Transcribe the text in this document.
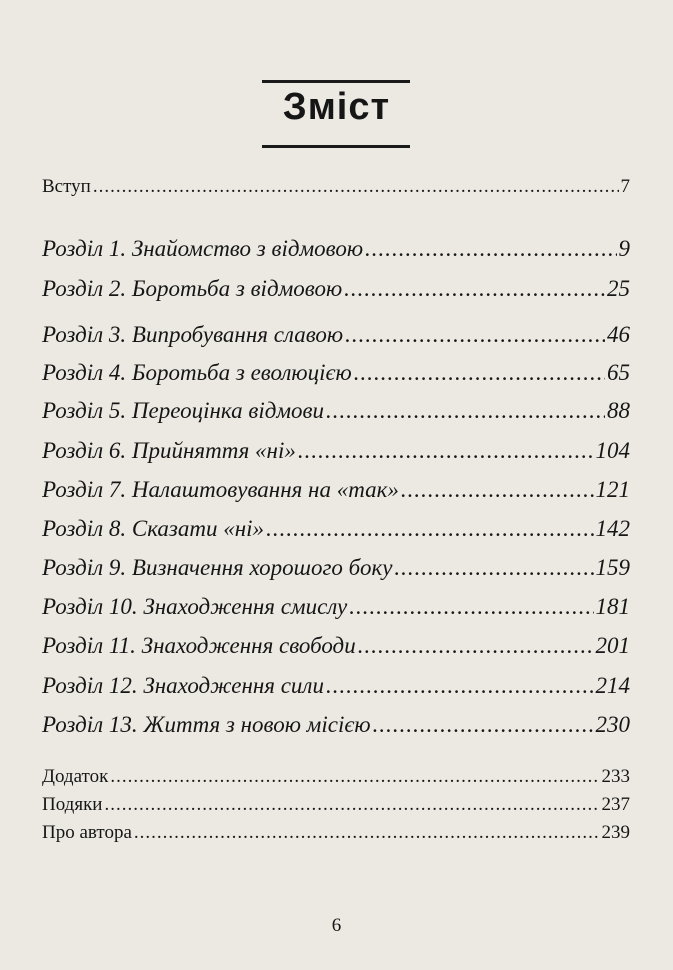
Зміст
Вступ .....	7
Розділ 1. Знайомство з відмовою .....	9
Розділ 2. Боротьба з відмовою .....	25
Розділ 3. Випробування славою .....	46
Розділ 4. Боротьба з еволюцією .....	65
Розділ 5. Переоцінка відмови .....	88
Розділ 6. Прийняття «ні» .....	104
Розділ 7. Налаштовування на «так» .....	121
Розділ 8. Сказати «ні» .....	142
Розділ 9. Визначення хорошого боку .....	159
Розділ 10. Знаходження смислу .....	181
Розділ 11. Знаходження свободи .....	201
Розділ 12. Знаходження сили .....	214
Розділ 13. Життя з новою місією .....	230
Додаток .....	233
Подяки .....	237
Про автора .....	239
6
